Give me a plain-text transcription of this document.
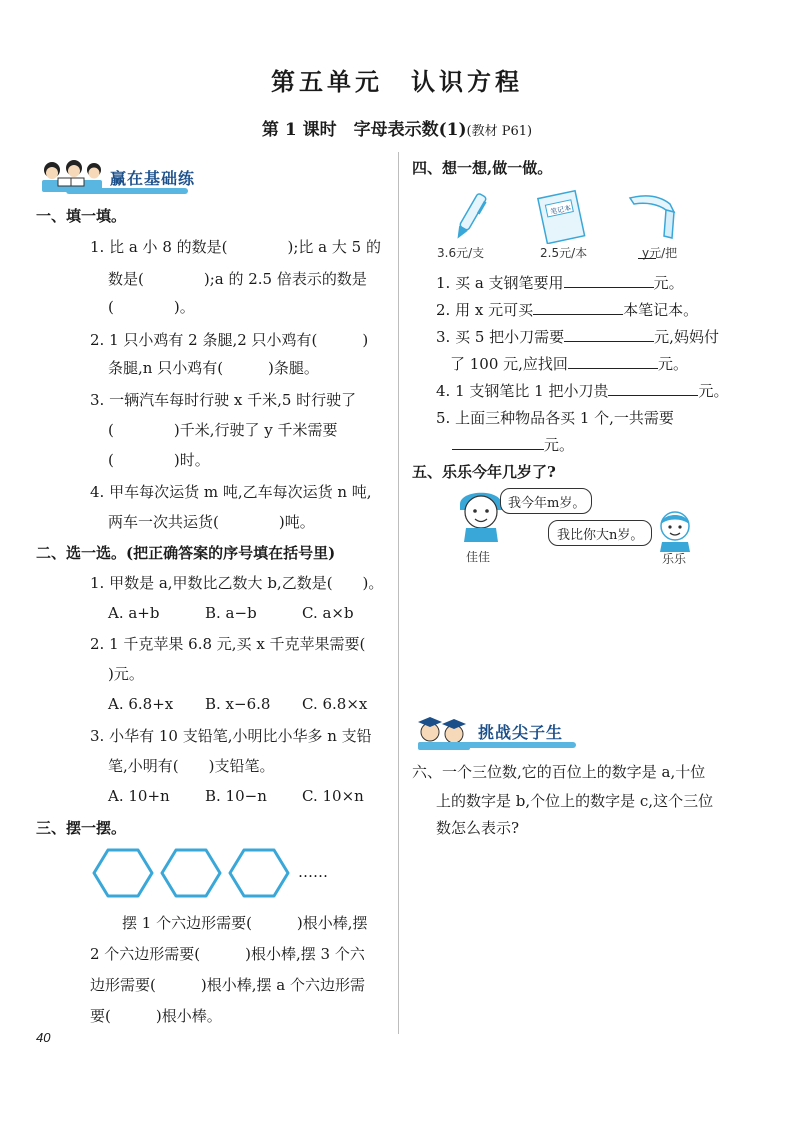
第五单元 认识方程
第 1 课时　字母表示数(1)(教材 P61)
赢在基础练
一、填一填。
1. 比 a 小 8 的数是(　　　　);比 a 大 5 的
数是(　　　　);a 的 2.5 倍表示的数是
(　　　　)。
2. 1 只小鸡有 2 条腿,2 只小鸡有(　　　)
条腿,n 只小鸡有(　　　)条腿。
3. 一辆汽车每时行驶 x 千米,5 时行驶了
(　　　　)千米,行驶了 y 千米需要
(　　　　)时。
4. 甲车每次运货 m 吨,乙车每次运货 n 吨,
两车一次共运货(　　　　)吨。
二、选一选。(把正确答案的序号填在括号里)
1. 甲数是 a,甲数比乙数大 b,乙数是(　　)。
A. a+b	B. a−b	C. a×b
2. 1 千克苹果 6.8 元,买 x 千克苹果需要(
)元。
A. 6.8+x B. x−6.8 C. 6.8×x
3. 小华有 10 支铅笔,小明比小华多 n 支铅
笔,小明有(　　)支铅笔。
A. 10+n B. 10−n C. 10×n
三、摆一摆。
……
摆 1 个六边形需要(　　　)根小棒,摆
2 个六边形需要(　　　)根小棒,摆 3 个六
边形需要(　　　)根小棒,摆 a 个六边形需
要(　　　)根小棒。
四、想一想,做一做。
笔记本
3.6元/支	2.5元/本	y元/把
1. 买 a 支钢笔要用	元。
2. 用 x 元可买	本笔记本。
3. 买 5 把小刀需要	元,妈妈付
了 100 元,应找回	元。
4. 1 支钢笔比 1 把小刀贵	元。
5. 上面三种物品各买 1 个,一共需要
元。
五、乐乐今年几岁了?
我今年m岁。
我比你大n岁。
佳佳	乐乐
挑战尖子生
六、一个三位数,它的百位上的数字是 a,十位
上的数字是 b,个位上的数字是 c,这个三位
数怎么表示?
40
